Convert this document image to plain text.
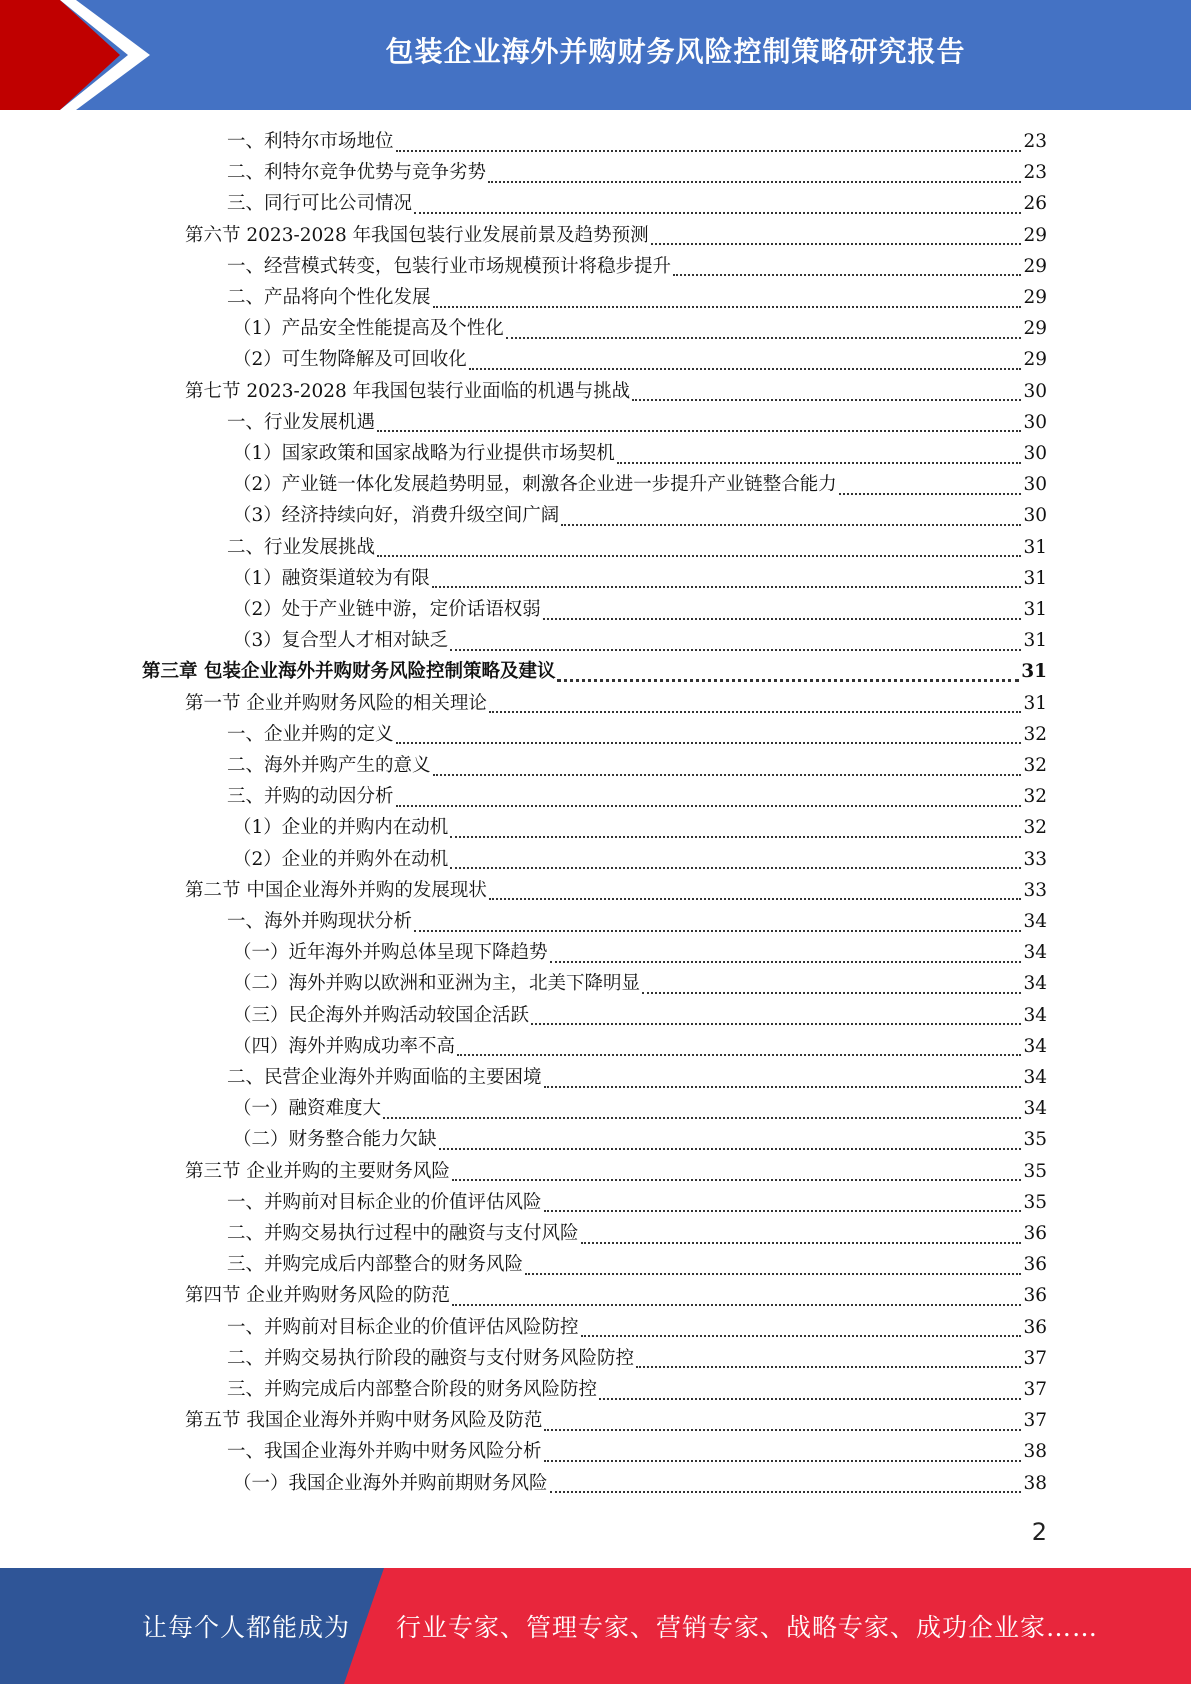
包装企业海外并购财务风险控制策略研究报告
一、利特尔市场地位	23
二、利特尔竞争优势与竞争劣势	23
三、同行可比公司情况	26
第六节 2023-2028 年我国包装行业发展前景及趋势预测	29
一、经营模式转变，包装行业市场规模预计将稳步提升	29
二、产品将向个性化发展	29
（1）产品安全性能提高及个性化	29
（2）可生物降解及可回收化	29
第七节 2023-2028 年我国包装行业面临的机遇与挑战	30
一、行业发展机遇	30
（1）国家政策和国家战略为行业提供市场契机	30
（2）产业链一体化发展趋势明显，刺激各企业进一步提升产业链整合能力	30
（3）经济持续向好，消费升级空间广阔	30
二、行业发展挑战	31
（1）融资渠道较为有限	31
（2）处于产业链中游，定价话语权弱	31
（3）复合型人才相对缺乏	31
第三章 包装企业海外并购财务风险控制策略及建议	31
第一节 企业并购财务风险的相关理论	31
一、企业并购的定义	32
二、海外并购产生的意义	32
三、并购的动因分析	32
（1）企业的并购内在动机	32
（2）企业的并购外在动机	33
第二节 中国企业海外并购的发展现状	33
一、海外并购现状分析	34
（一）近年海外并购总体呈现下降趋势	34
（二）海外并购以欧洲和亚洲为主，北美下降明显	34
（三）民企海外并购活动较国企活跃	34
（四）海外并购成功率不高	34
二、民营企业海外并购面临的主要困境	34
（一）融资难度大	34
（二）财务整合能力欠缺	35
第三节 企业并购的主要财务风险	35
一、并购前对目标企业的价值评估风险	35
二、并购交易执行过程中的融资与支付风险	36
三、并购完成后内部整合的财务风险	36
第四节 企业并购财务风险的防范	36
一、并购前对目标企业的价值评估风险防控	36
二、并购交易执行阶段的融资与支付财务风险防控	37
三、并购完成后内部整合阶段的财务风险防控	37
第五节 我国企业海外并购中财务风险及防范	37
一、我国企业海外并购中财务风险分析	38
（一）我国企业海外并购前期财务风险	38
2
让每个人都能成为 行业专家、管理专家、营销专家、战略专家、成功企业家……
